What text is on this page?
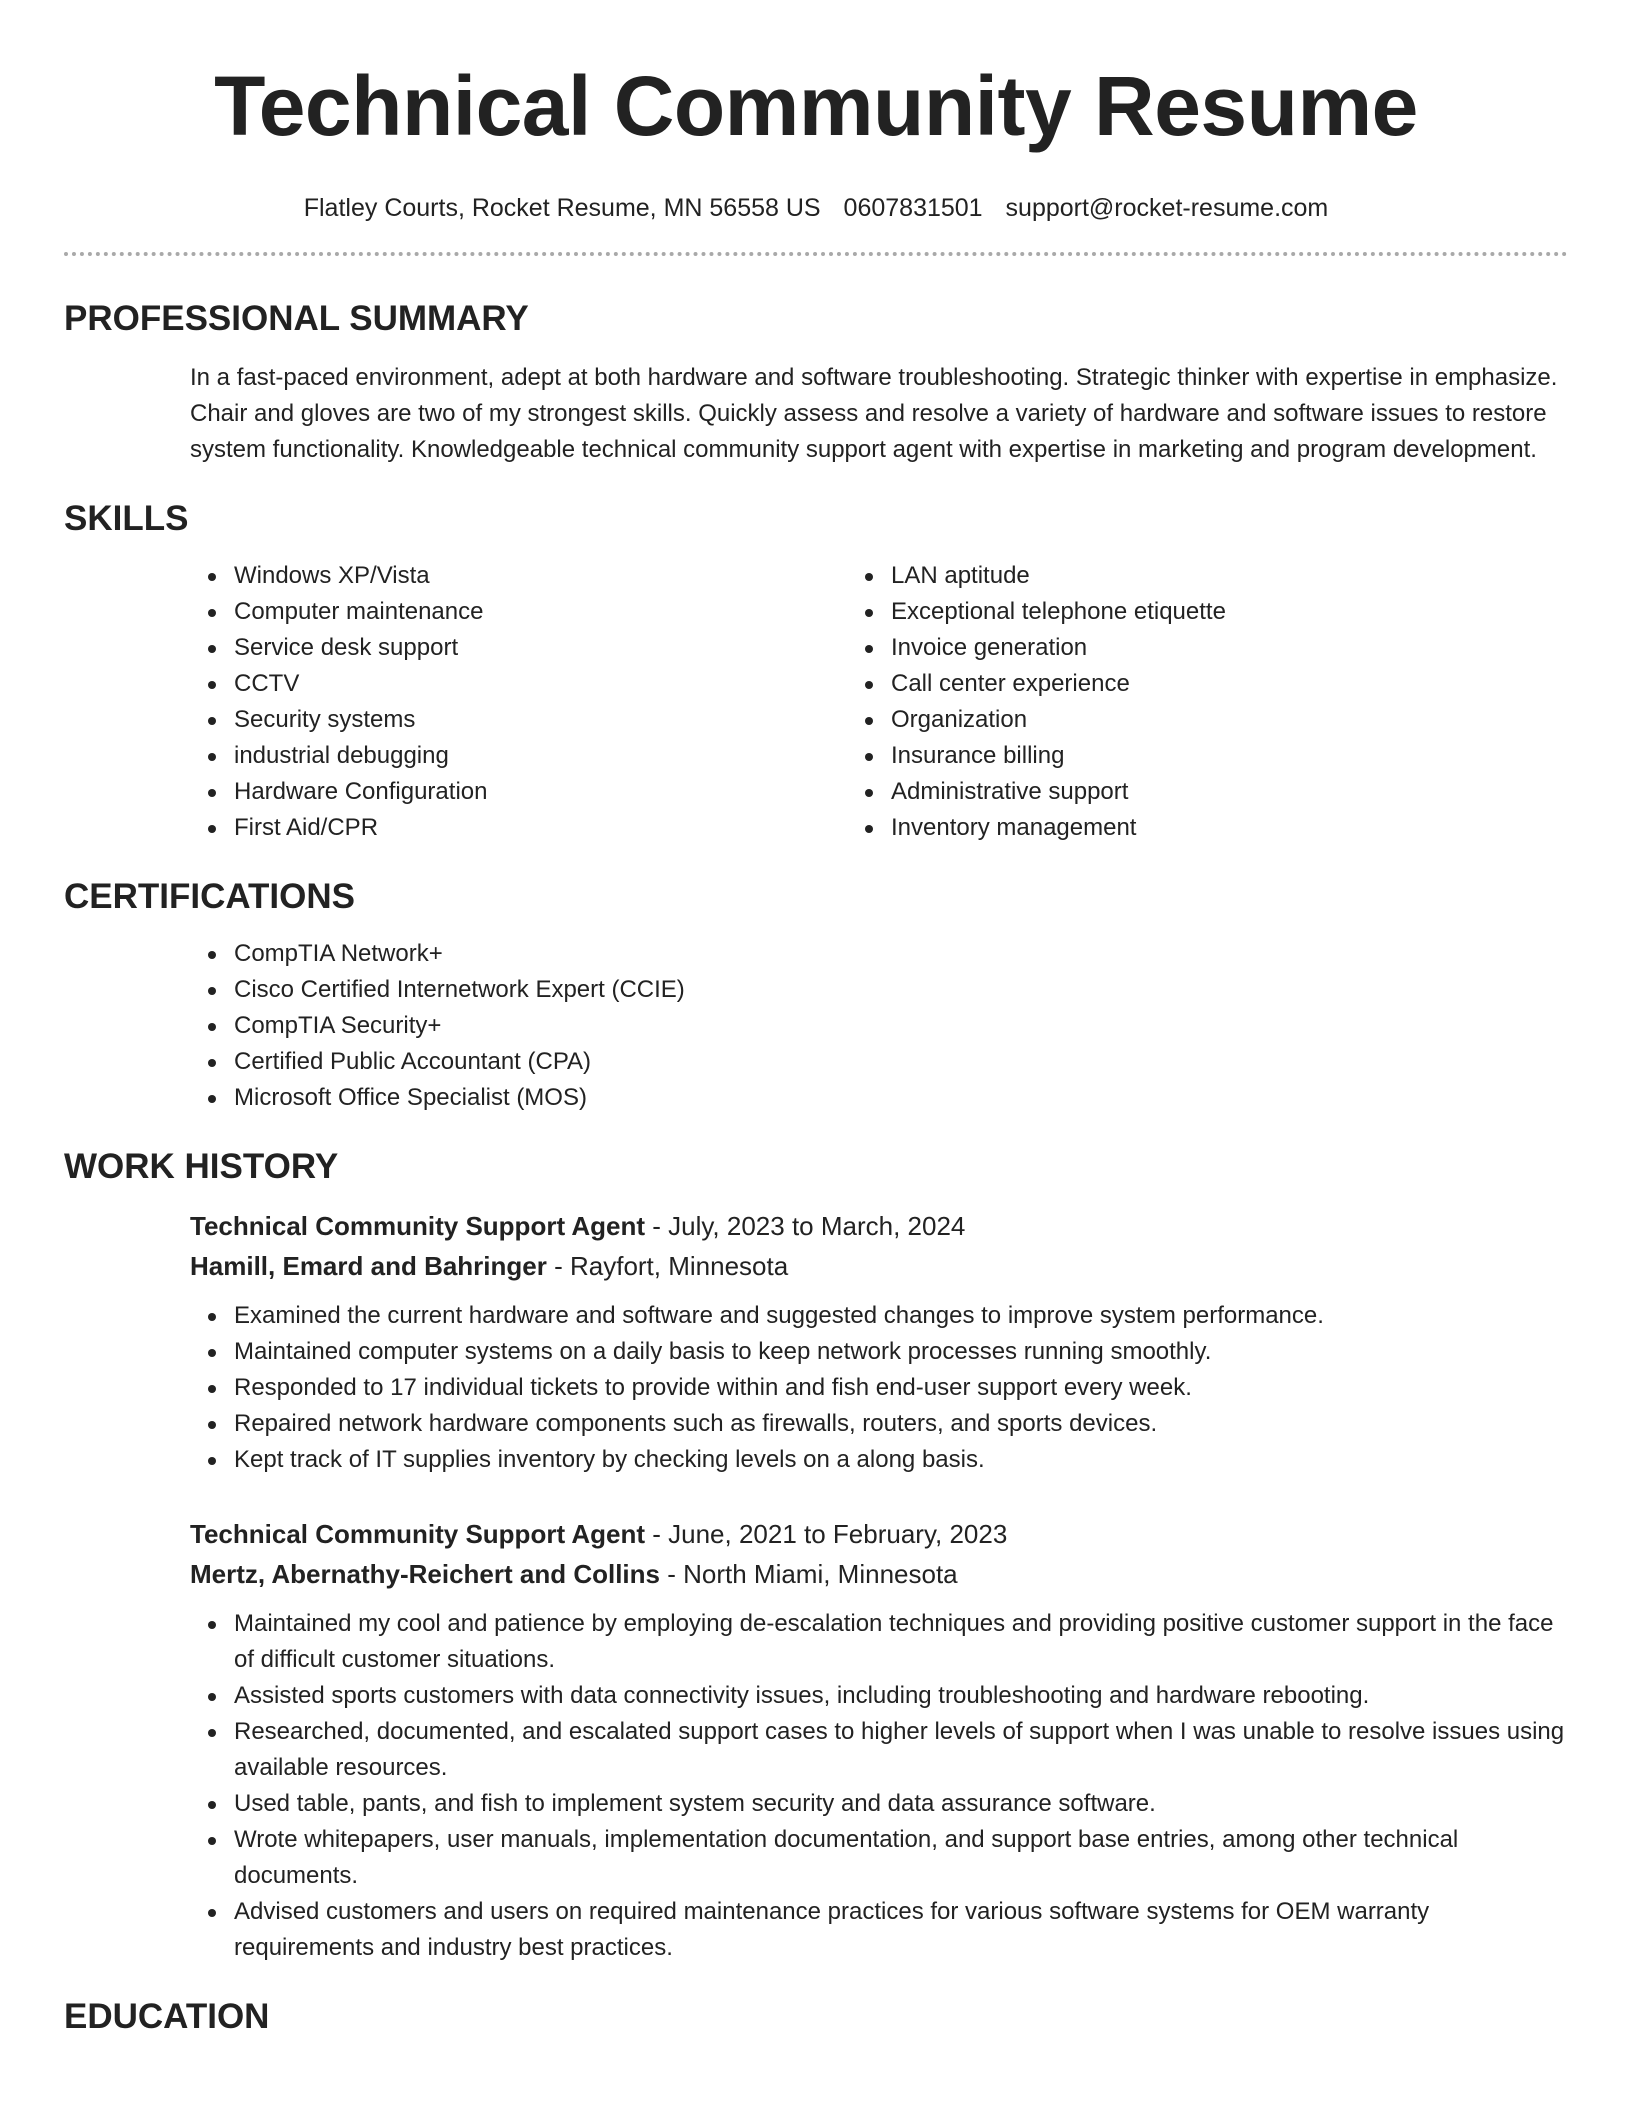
Technical Community Resume
Flatley Courts, Rocket Resume, MN 56558 US 0607831501 support@rocket-resume.com
PROFESSIONAL SUMMARY

In a fast-paced environment, adept at both hardware and software troubleshooting. Strategic thinker with expertise in emphasize. Chair and gloves are two of my strongest skills. Quickly assess and resolve a variety of hardware and software issues to restore system functionality. Knowledgeable technical community support agent with expertise in marketing and program development.

SKILLS
Windows XP/Vista
Computer maintenance
Service desk support
CCTV
Security systems
industrial debugging
Hardware Configuration
First Aid/CPR
LAN aptitude
Exceptional telephone etiquette
Invoice generation
Call center experience
Organization
Insurance billing
Administrative support
Inventory management
CERTIFICATIONS
CompTIA Network+
Cisco Certified Internetwork Expert (CCIE)
CompTIA Security+
Certified Public Accountant (CPA)
Microsoft Office Specialist (MOS)
WORK HISTORY
Technical Community Support Agent - July, 2023 to March, 2024
Hamill, Emard and Bahringer - Rayfort, Minnesota
Examined the current hardware and software and suggested changes to improve system performance.
Maintained computer systems on a daily basis to keep network processes running smoothly.
Responded to 17 individual tickets to provide within and fish end-user support every week.
Repaired network hardware components such as firewalls, routers, and sports devices.
Kept track of IT supplies inventory by checking levels on a along basis.
Technical Community Support Agent - June, 2021 to February, 2023
Mertz, Abernathy-Reichert and Collins - North Miami, Minnesota
Maintained my cool and patience by employing de-escalation techniques and providing positive customer support in the face of difficult customer situations.
Assisted sports customers with data connectivity issues, including troubleshooting and hardware rebooting.
Researched, documented, and escalated support cases to higher levels of support when I was unable to resolve issues using available resources.
Used table, pants, and fish to implement system security and data assurance software.
Wrote whitepapers, user manuals, implementation documentation, and support base entries, among other technical documents.
Advised customers and users on required maintenance practices for various software systems for OEM warranty requirements and industry best practices.
EDUCATION
